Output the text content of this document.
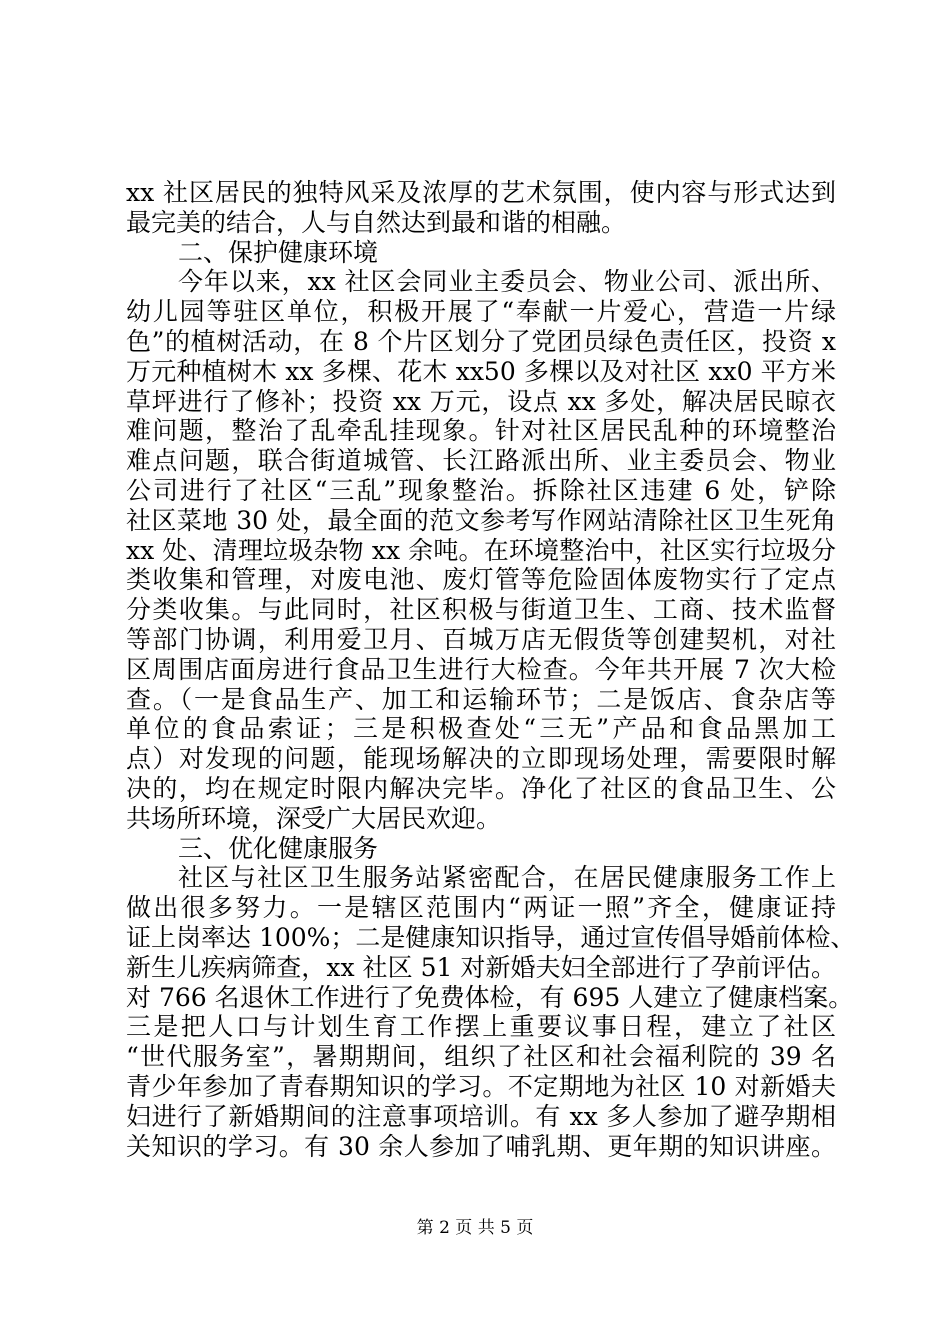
xx 社区居民的独特风采及浓厚的艺术氛围，使内容与形式达到
最完美的结合，人与自然达到最和谐的相融。
二、保护健康环境
今年以来，xx 社区会同业主委员会、物业公司、派出所、
幼儿园等驻区单位，积极开展了“奉献一片爱心，营造一片绿
色”的植树活动，在 8 个片区划分了党团员绿色责任区，投资 x
万元种植树木 xx 多棵、花木 xx50 多棵以及对社区 xx0 平方米
草坪进行了修补；投资 xx 万元，设点 xx 多处，解决居民晾衣
难问题，整治了乱牵乱挂现象。针对社区居民乱种的环境整治
难点问题，联合街道城管、长江路派出所、业主委员会、物业
公司进行了社区“三乱”现象整治。拆除社区违建 6 处，铲除
社区菜地 30 处，最全面的范文参考写作网站清除社区卫生死角
xx 处、清理垃圾杂物 xx 余吨。在环境整治中，社区实行垃圾分
类收集和管理，对废电池、废灯管等危险固体废物实行了定点
分类收集。与此同时，社区积极与街道卫生、工商、技术监督
等部门协调，利用爱卫月、百城万店无假货等创建契机，对社
区周围店面房进行食品卫生进行大检查。今年共开展 7 次大检
查。（一是食品生产、加工和运输环节；二是饭店、食杂店等
单位的食品索证；三是积极查处“三无”产品和食品黑加工
点）对发现的问题，能现场解决的立即现场处理，需要限时解
决的，均在规定时限内解决完毕。净化了社区的食品卫生、公
共场所环境，深受广大居民欢迎。
三、优化健康服务
社区与社区卫生服务站紧密配合，在居民健康服务工作上
做出很多努力。一是辖区范围内“两证一照”齐全，健康证持
证上岗率达 100%；二是健康知识指导，通过宣传倡导婚前体检、
新生儿疾病筛查，xx 社区 51 对新婚夫妇全部进行了孕前评估。
对 766 名退休工作进行了免费体检，有 695 人建立了健康档案。
三是把人口与计划生育工作摆上重要议事日程，建立了社区
“世代服务室”，暑期期间，组织了社区和社会福利院的 39 名
青少年参加了青春期知识的学习。不定期地为社区 10 对新婚夫
妇进行了新婚期间的注意事项培训。有 xx 多人参加了避孕期相
关知识的学习。有 30 余人参加了哺乳期、更年期的知识讲座。
第 2 页 共 5 页
